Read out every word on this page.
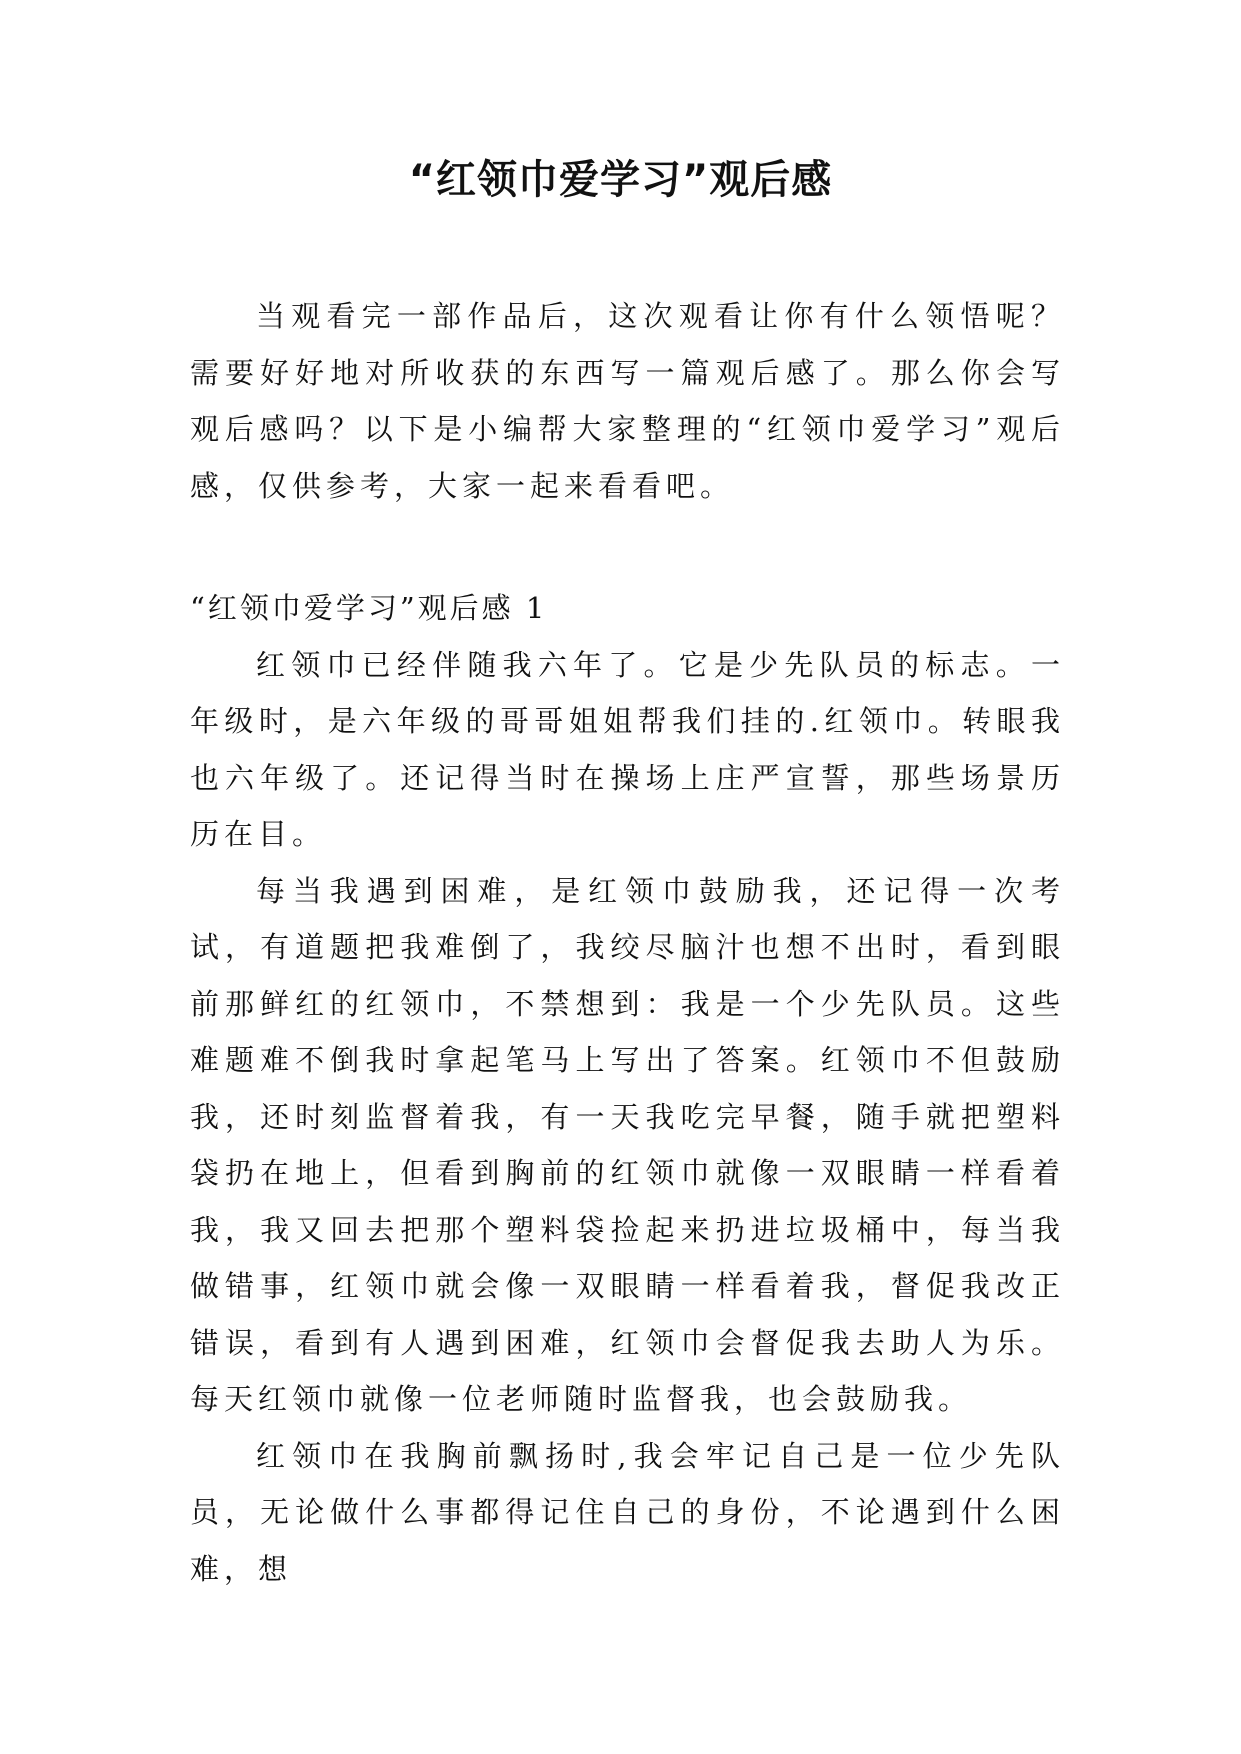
“红领巾爱学习”观后感

当观看完一部作品后，这次观看让你有什么领悟呢？需要好好地对所收获的东西写一篇观后感了。那么你会写观后感吗？以下是小编帮大家整理的“红领巾爱学习”观后感，仅供参考，大家一起来看看吧。

“红领巾爱学习”观后感 1

红领巾已经伴随我六年了。它是少先队员的标志。一年级时，是六年级的哥哥姐姐帮我们挂的.红领巾。转眼我也六年级了。还记得当时在操场上庄严宣誓，那些场景历历在目。

每当我遇到困难，是红领巾鼓励我，还记得一次考试，有道题把我难倒了，我绞尽脑汁也想不出时，看到眼前那鲜红的红领巾，不禁想到：我是一个少先队员。这些难题难不倒我时拿起笔马上写出了答案。红领巾不但鼓励我，还时刻监督着我，有一天我吃完早餐，随手就把塑料袋扔在地上，但看到胸前的红领巾就像一双眼睛一样看着我，我又回去把那个塑料袋捡起来扔进垃圾桶中，每当我做错事，红领巾就会像一双眼睛一样看着我，督促我改正错误，看到有人遇到困难，红领巾会督促我去助人为乐。每天红领巾就像一位老师随时监督我，也会鼓励我。

红领巾在我胸前飘扬时,我会牢记自己是一位少先队员，无论做什么事都得记住自己的身份，不论遇到什么困难，想
